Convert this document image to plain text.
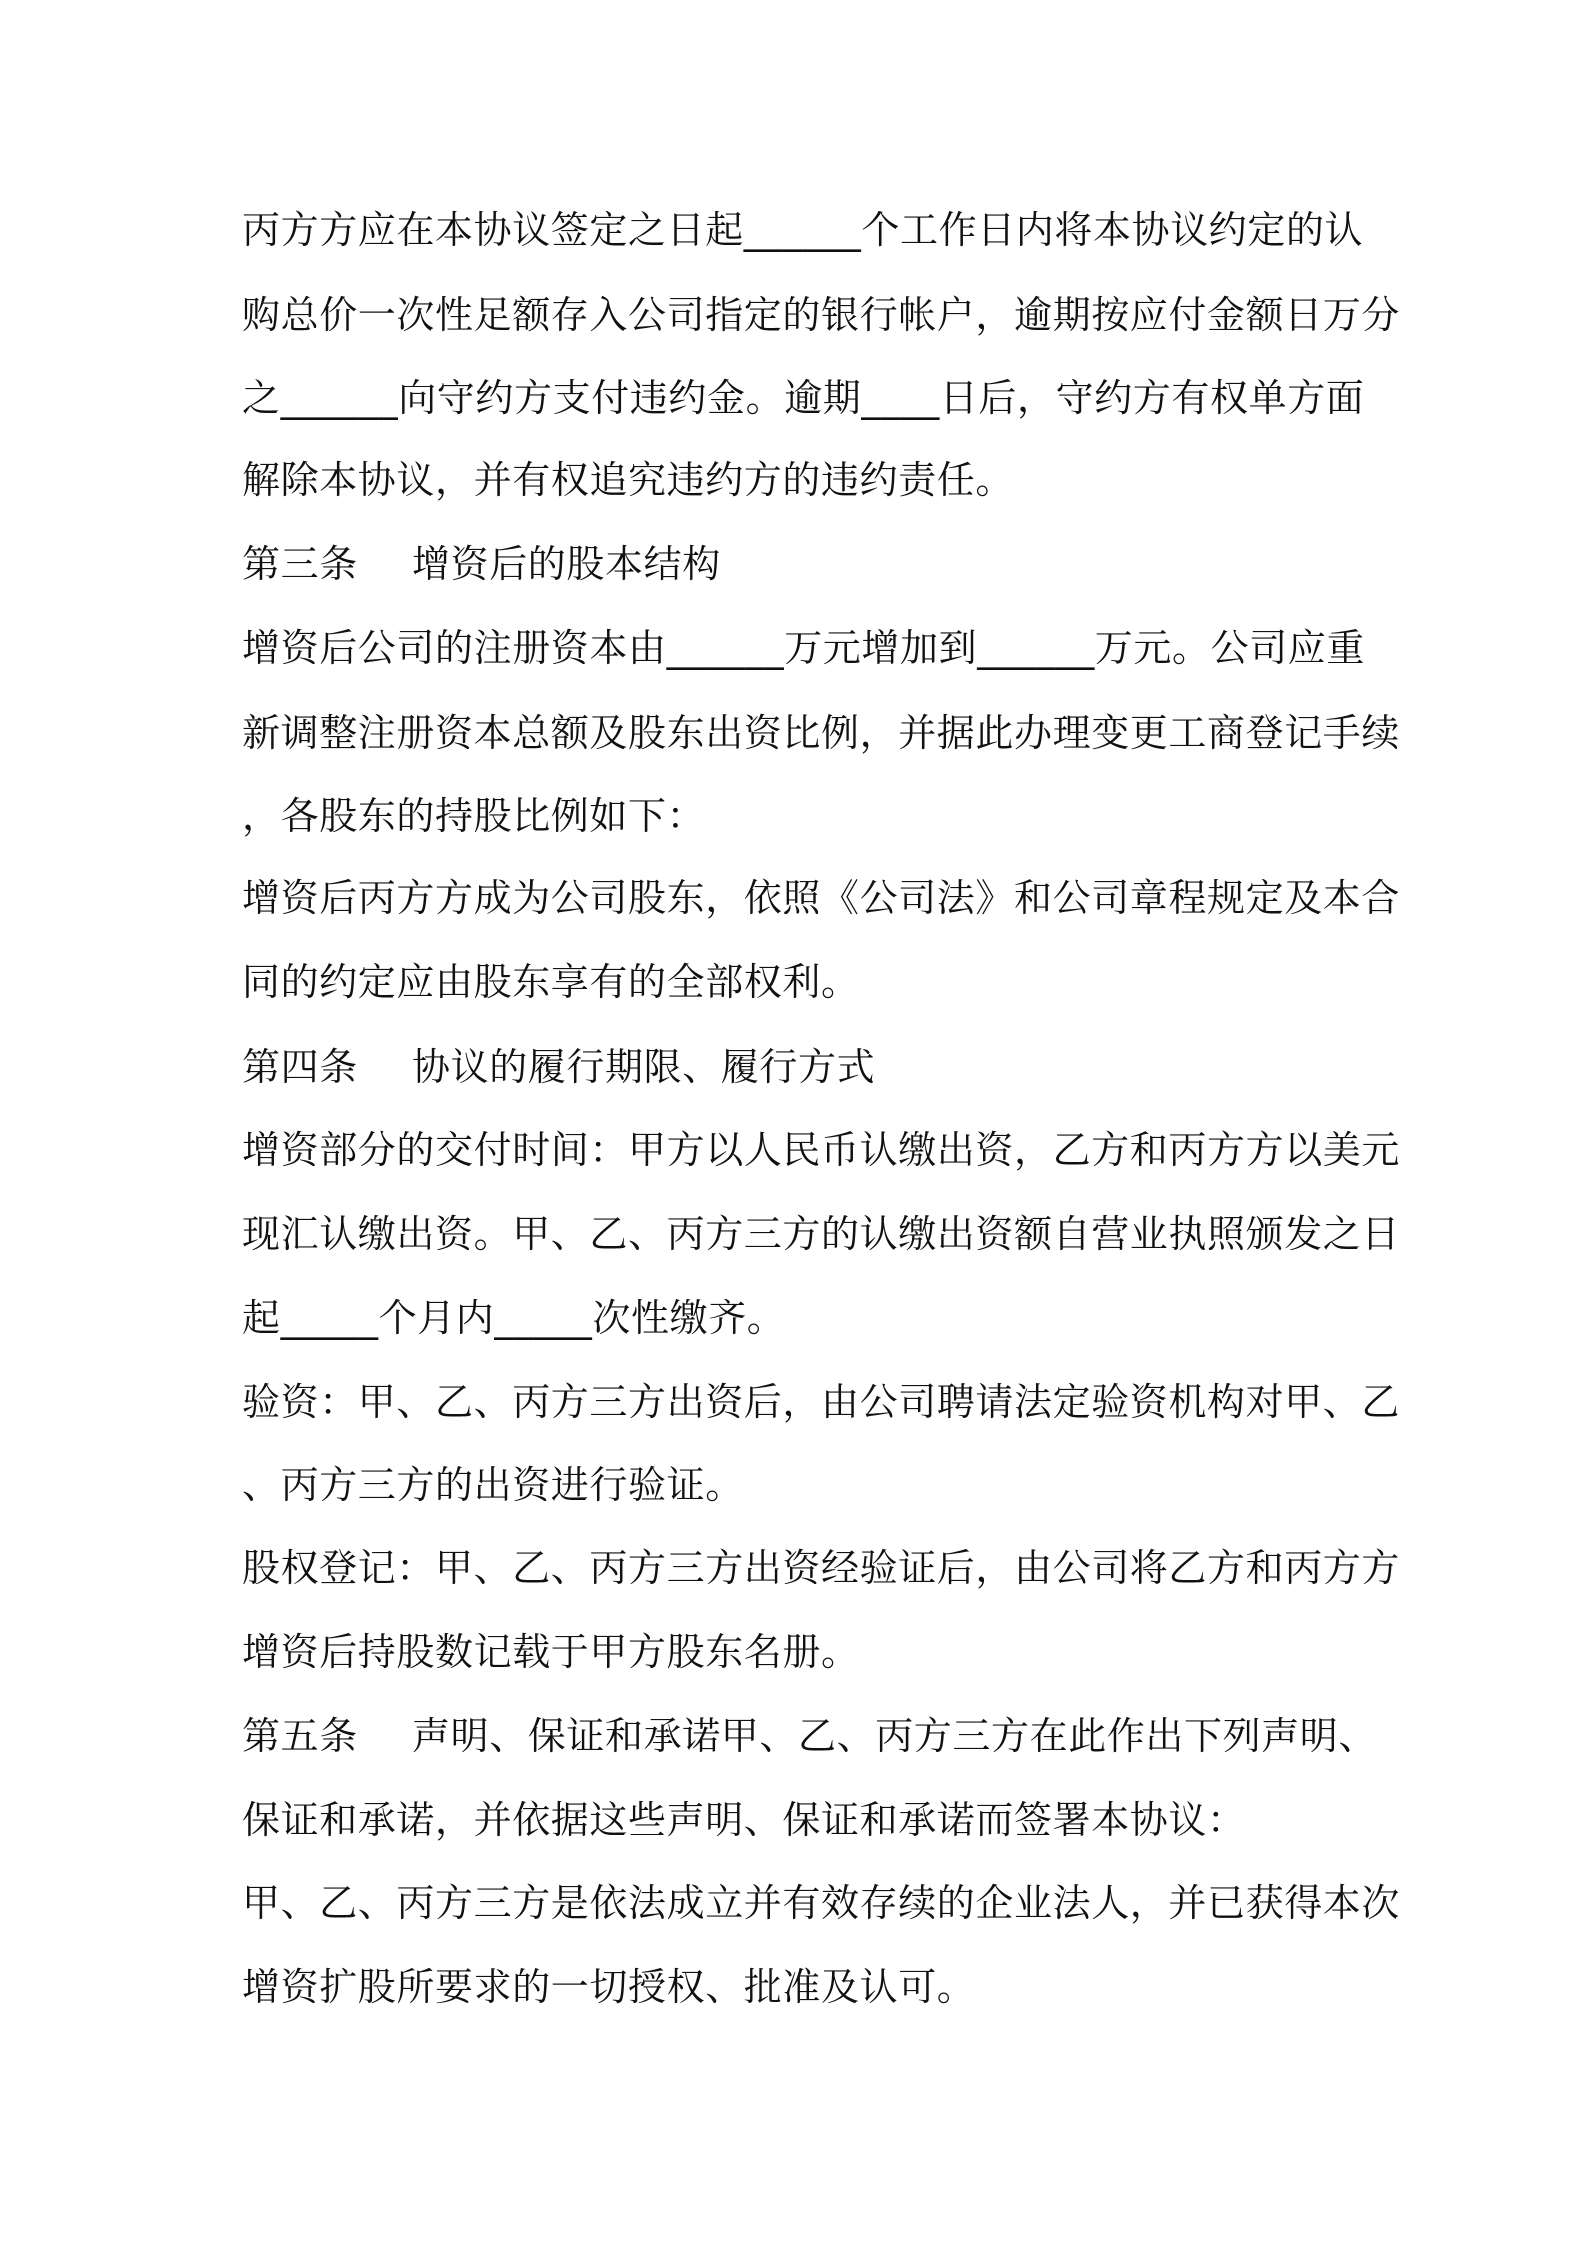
丙方方应在本协议签定之日起______个工作日内将本协议约定的认
购总价一次性足额存入公司指定的银行帐户，逾期按应付金额日万分
之______向守约方支付违约金。逾期____日后，守约方有权单方面
解除本协议，并有权追究违约方的违约责任。
第三条 增资后的股本结构
增资后公司的注册资本由______万元增加到______万元。公司应重
新调整注册资本总额及股东出资比例，并据此办理变更工商登记手续
，各股东的持股比例如下：
增资后丙方方成为公司股东，依照《公司法》和公司章程规定及本合
同的约定应由股东享有的全部权利。
第四条 协议的履行期限、履行方式
增资部分的交付时间：甲方以人民币认缴出资，乙方和丙方方以美元
现汇认缴出资。甲、乙、丙方三方的认缴出资额自营业执照颁发之日
起_____个月内_____次性缴齐。
验资：甲、乙、丙方三方出资后，由公司聘请法定验资机构对甲、乙
、丙方三方的出资进行验证。
股权登记：甲、乙、丙方三方出资经验证后，由公司将乙方和丙方方
增资后持股数记载于甲方股东名册。
第五条 声明、保证和承诺甲、乙、丙方三方在此作出下列声明、
保证和承诺，并依据这些声明、保证和承诺而签署本协议：
甲、乙、丙方三方是依法成立并有效存续的企业法人，并已获得本次
增资扩股所要求的一切授权、批准及认可。
